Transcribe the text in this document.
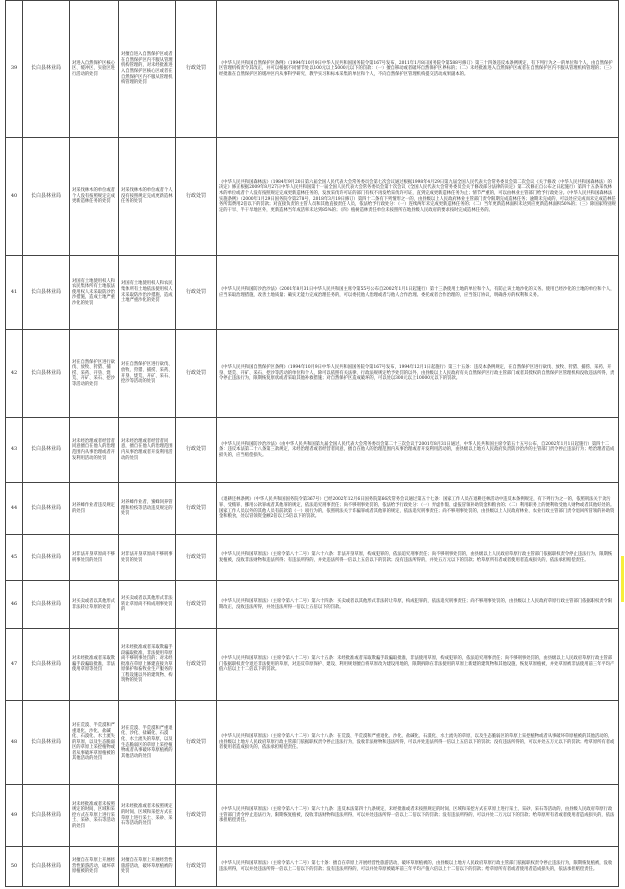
39	长白县林业局	对进入自然保护区核心区、缓冲区、实验区进行活动的处罚	对擅自进入自然保护区或者在自然保护区内不服从管理机构管理的，对未经批准进入自然保护区核心区或者在自然保护区内不服从管理机构管理的处罚	行政处罚	《中华人民共和国自然保护区条例》（1994年10月9日中华人民共和国国务院令第167号发布，2011年1月8日国务院令第588号修订）第三十四条违反本条例规定，有下列行为之一的单位和个人，由自然保护区管理机构责令其改正，并可以根据不同情节处以100元以上5000元以下的罚款：（一）擅自移动或者破坏自然保护区界标的；（二）未经批准进入自然保护区或者在自然保护区内不服从管理机构管理的；（三）经批准在自然保护区的缓冲区内从事科学研究、教学实习和标本采集的单位和个人，不向自然保护区管理机构提交活动成果副本的。
40	长白县林业局	对采伐林木的单位或者个人没有按照规定完成更新造林任务的处罚	对采伐林木的单位或者个人没有按照规定完成更新造林任务的处罚	行政处罚	《中华人民共和国森林法》（1984年9月20日第六届全国人民代表大会常务委员会第七次会议通过根据1998年4月29日第九届全国人民代表大会常务委员会第二次会议《关于修改〈中华人民共和国森林法〉的决定》修正根据2009年8月27日中华人民共和国第十一届全国人民代表大会常务委员会第十次会议《全国人民代表大会常务委员会关于修改部分法律的决定》第二次修正自公布之日起施行）第四十五条采伐林木的单位或者个人没有按照规定完成更新造林任务的，发放采伐许可证的部门有权不再发给采伐许可证，直到完成更新造林任务为止；情节严重的，可以由林业主管部门给予行政处分。《中华人民共和国森林法实施条例》（2000年1月29日国务院令第278号，2018年3月19日修订）第四十二条有下列情形之一的，由县级以上人民政府林业主管部门责令限期完成造林任务；逾期未完成的，可以处应完成而未完成造林任务所需费用2倍以下的罚款；对直接负责的主管人员和其他直接责任人员，依法给予行政处分：（一）连续两年未完成更新造林任务的；（二）当年更新造林面积未达到应更新造林面积50%的；（三）除国家特别规定的干旱、半干旱地区外，更新造林当年成活率未达到85%的；（四）植树造林责任单位未按照所在地县级人民政府的要求按时完成造林任务的。
41	长白县林业局	对国有土地使用权人和农民集体所有土地依法使用权人未采取防沙治沙措施，造成土地严重沙化的处罚	对国有土地使用权人和农民集体所有土地依法使用权人未采取防沙治沙措施，造成土地严重沙化的处罚	行政处罚	《中华人民共和国防沙治沙法》（2001年8月31日中华人民共和国主席令第55号公布自2002年1月1日起施行）第十三条使用土地的单位和个人，有防止该土地沙化的义务。使用已经沙化的土地的单位和个人，应当采取治理措施，改善土地质量；确实无能力完成治理任务的，可以委托他人治理或者与他人合作治理。委托或者合作治理的，应当签订协议，明确各方的权利和义务。
42	长白县林业局	对在自然保护区进行砍伐、放牧、狩猎、捕捞、采药、开垦、烧荒、开矿、采石、挖沙等活动的处罚	对在自然保护区进行砍伐、放牧、狩猎、捕捞、采药、开垦、烧荒、开矿、采石、挖沙等活动的处罚	行政处罚	《中华人民共和国自然保护区条例》（1994年10月9日中华人民共和国国务院令第167号发布，1994年12月1日起施行）第三十五条：违反本条例规定，在自然保护区进行砍伐、放牧、狩猎、捕捞、采药、开垦、烧荒、开矿、采石、挖沙等活动的单位和个人，除可以依照有关法律、行政法规规定给予处罚的以外，由县级以上人民政府有关自然保护区行政主管部门或者其授权的自然保护区管理机构没收违法所得，责令停止违法行为，限期恢复原状或者采取其他补救措施；对自然保护区造成破坏的，可以处以300元以上10000元以下的罚款。
43	长白县林业局	对未经治理或者经营者同意擅自在他人的治理范围内从事治理或者开发利用活动的处罚	对未经治理或者经营者同意，擅自在他人的治理范围内从事治理或者开发利用活动的处罚	行政处罚	《中华人民共和国防沙治沙法》（由中华人民共和国第九届全国人民代表大会常务委员会第二十三次会议于2001年8月31日通过，中华人民共和国主席令第五十五号公布，自2002年1月1日起施行）第四十二条：违反本法第二十八条第三款规定，未经治理者或者经营者同意，擅自在他人的治理范围内从事治理或者开发利用活动的，由县级以上地方人民政府负责防沙治沙的主管部门责令停止违法行为；给治理者造成损失的，应当赔偿损失。
44	长白县林业局	对养蜂作业者违反规定的处罚	对养蜂作业者、蜜蜂饲养管理和检疫等活动违反规定的处罚	行政处罚	《退耕还林条例》（中华人民共和国国务院令第367号）已经2002年12月6日国务院第66次常务会议通过第五十七条：国家工作人员在退耕还林活动中违反本条例规定，有下列行为之一的，依照刑法关于贪污罪、受贿罪、挪用公款罪或者其他罪的规定，依法追究刑事责任；尚不够刑事处罚的，依法给予行政处分：（一）弄虚作假、虚报冒领补助资金和粮食的；（二）利用职务上的便利收受他人财物或者其他好处的。国家工作人员以外的其他人员有前款第（一）项行为的，依照刑法关于诈骗罪或者其他罪的规定，依法追究刑事责任；尚不够刑事处罚的，由县级以上人民政府林业、农业行政主管部门责令退回所冒领的补助资金和粮食，处以冒领资金额2倍以上5倍以下的罚款。
45	长白县林业局	对非法开垦草原尚不够刑事处罚的处罚	对非法开垦草原尚不够刑事处罚的处罚	行政处罚	《中华人民共和国草原法》（主席令第八十二号）第六十六条：非法开垦草原，构成犯罪的，依法追究刑事责任；尚不够刑事处罚的，由县级以上人民政府草原行政主管部门依据职权责令停止违法行为，限期恢复植被，没收非法财物和违法所得；有违法所得的，并处违法所得一倍以上五倍以下的罚款；没有违法所得的，并处五万元以下的罚款；给草原所有者或者使用者造成损失的，依法承担赔偿责任。
46	长白县林业局	对买卖或者以其他形式非法转让草原的处罚	对买卖或者以其他形式非法转让草原尚不构成刑事处罚的	行政处罚	《中华人民共和国草原法》（主席令第八十二号）第六十四条：买卖或者以其他形式非法转让草原，构成犯罪的，依法追究刑事责任；尚不够刑事处罚的，由县级以上人民政府草原行政主管部门依据职权责令限期改正，没收违法所得，并处违法所得一倍以上五倍以下的罚款。
47	长白县林业局	对未经批准或者采取欺骗手段骗取批准，非法使用草原等处罚	对未经批准或者采取欺骗手段骗取批准，非法使用草原尚不够刑事处罚的；对未经批准在草原上修建直接为草原保护和畜牧业生产服务的工程设施以外的建筑物、构筑物的处罚	行政处罚	《中华人民共和国草原法》（主席令第八十二号）第六十五条：未经批准或者采取欺骗手段骗取批准，非法使用草原，构成犯罪的，依法追究刑事责任；尚不够刑事处罚的，由县级以上人民政府草原行政主管部门依据职权责令退还非法使用的草原，对违反草原保护、建设、利用规划擅自将草原改为建设用地的，限期拆除在非法使用的草原上新建的建筑物和其他设施，恢复草原植被，并处草原被非法使用前三年平均产值六倍以上十二倍以下的罚款。
48	长白县林业局	对在荒漠、半荒漠和严重退化、沙化、盐碱化、石漠化、水土流失的草原，以及生态脆弱区的草原上采挖植物或者从事破坏草原植被的其他活动的处罚	对在荒漠、半荒漠和严重退化、沙化、盐碱化、石漠化、水土流失的草原，以及生态脆弱区的草原上采挖植物或者从事破坏草原植被的其他活动的处罚	行政处罚	《中华人民共和国草原法》（主席令第八十二号）第六十八条：在荒漠、半荒漠和严重退化、沙化、盐碱化、石漠化、水土流失的草原，以及生态脆弱区的草原上采挖植物或者从事破坏草原植被的其他活动的，由县级以上地方人民政府草原行政主管部门依据职权责令停止违法行为，没收非法财物和违法所得，可以并处违法所得一倍以上五倍以下的罚款；没有违法所得的，可以并处五万元以下的罚款；给草原所有者或者使用者造成损失的，依法承担赔偿责任。
49	长白县林业局	对未经批准或者未按照规定的时间、区域和采挖方式在草原上进行采土、采砂、采石等活动的处罚	对未经批准或者未按照规定的时间、区域和采挖方式在草原上进行采土、采砂、采石等活动的处罚	行政处罚	《中华人民共和国草原法》（主席令第八十二号）第六十九条：违反本法第四十九条规定，未经批准或者未按照规定的时间、区域和采挖方式在草原上进行采土、采砂、采石等活动的，由县级人民政府草原行政主管部门责令停止违法行为，限期恢复植被，没收非法财物和违法所得，可以并处违法所得一倍以上二倍以下的罚款；没有违法所得的，可以并处二万元以下的罚款；给草原所有者或者使用者造成损失的，依法承担赔偿责任。
50	长白县林业局	对擅自在草原上开展经营性旅游活动，破坏草原植被的处罚	对擅自在草原上开展经营性旅游活动，破坏草原植被的处罚	行政处罚	《中华人民共和国草原法》（主席令第八十二号）第七十条：擅自在草原上开展经营性旅游活动，破坏草原植被的，由县级以上地方人民政府草原行政主管部门依据职权责令停止违法行为，限期恢复植被，没收违法所得，可以并处违法所得一倍以上二倍以下的罚款；没有违法所得的，可以并处草原被破坏前三年平均产值六倍以上十二倍以下的罚款；给草原所有者或者使用者造成损失的，依法承担赔偿责任。
